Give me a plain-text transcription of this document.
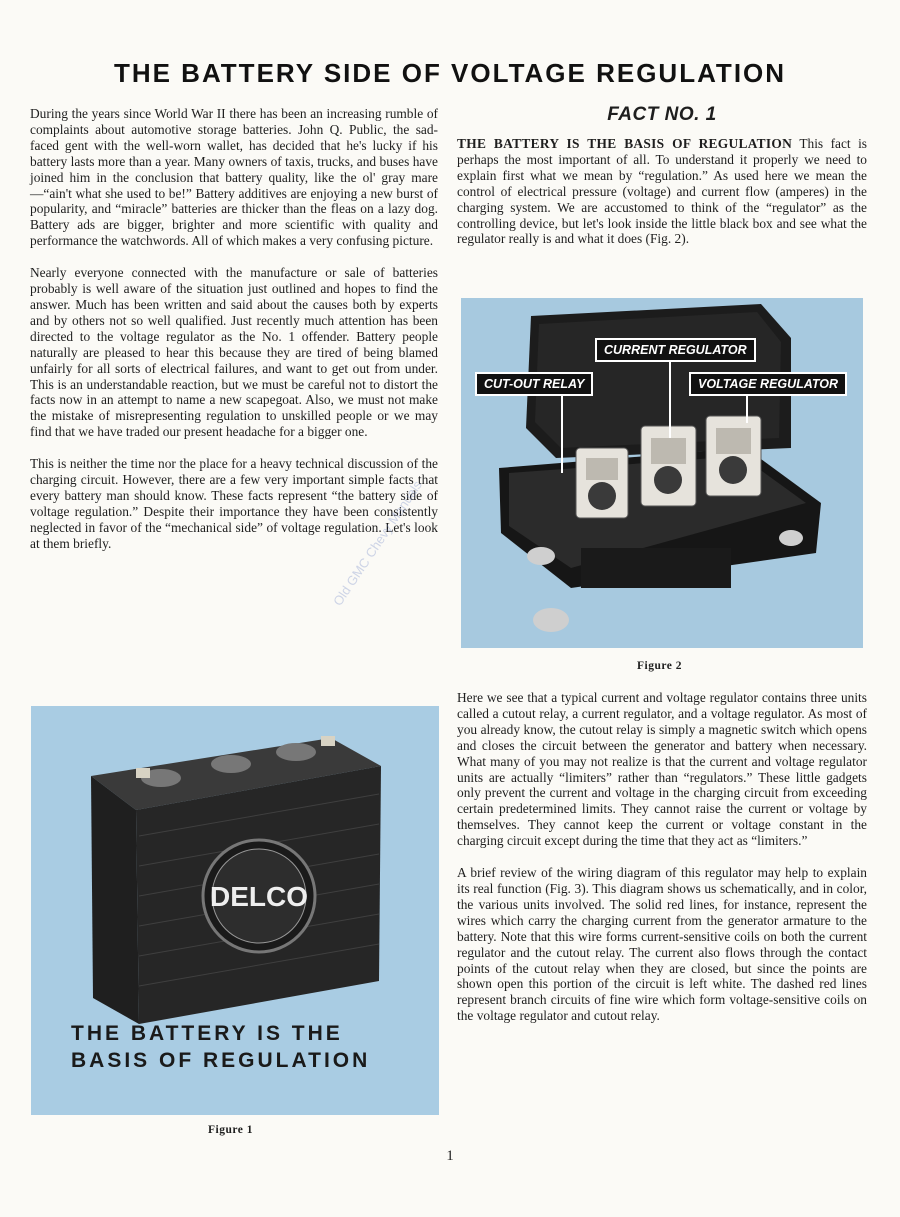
THE BATTERY SIDE OF VOLTAGE REGULATION

During the years since World War II there has been an increasing rumble of complaints about automotive storage batteries. John Q. Public, the sad-faced gent with the well-worn wallet, has decided that he's lucky if his battery lasts more than a year. Many owners of taxis, trucks, and buses have joined him in the conclusion that battery quality, like the ol' gray mare—“ain't what she used to be!” Battery additives are enjoying a new burst of popularity, and “miracle” batteries are thicker than the fleas on a lazy dog. Battery ads are bigger, brighter and more scientific with quality and performance the watchwords. All of which makes a very confusing picture.

Nearly everyone connected with the manufacture or sale of batteries probably is well aware of the situation just outlined and hopes to find the answer. Much has been written and said about the causes both by experts and by others not so well qualified. Just recently much attention has been directed to the voltage regulator as the No. 1 offender. Battery people naturally are pleased to hear this because they are tired of being blamed unfairly for all sorts of electrical failures, and want to get out from under. This is an understandable reaction, but we must be careful not to distort the facts now in an attempt to name a new scapegoat. Also, we must not make the mistake of misrepresenting regulation to unskilled people or we may find that we have traded our present headache for a bigger one.

This is neither the time nor the place for a heavy technical discussion of the charging circuit. However, there are a few very important simple facts that every battery man should know. These facts represent “the battery side of voltage regulation.” Despite their importance they have been consistently neglected in favor of the “mechanical side” of voltage regulation. Let's look at them briefly.

FACT NO. 1

THE BATTERY IS THE BASIS OF REGULATION This fact is perhaps the most important of all. To understand it properly we need to explain first what we mean by “regulation.” As used here we mean the control of electrical pressure (voltage) and current flow (amperes) in the charging system. We are accustomed to think of the “regulator” as the controlling device, but let's look inside the little black box and see what the regulator really is and what it does (Fig. 2).

CURRENT REGULATOR
CUT-OUT RELAY	VOLTAGE REGULATOR
Figure 2

Here we see that a typical current and voltage regulator contains three units called a cutout relay, a current regulator, and a voltage regulator. As most of you already know, the cutout relay is simply a magnetic switch which opens and closes the circuit between the generator and battery when necessary. What many of you may not realize is that the current and voltage regulator units are actually “limiters” rather than “regulators.” These little gadgets only prevent the current and voltage in the charging circuit from exceeding certain predetermined limits. They cannot raise the current or voltage by themselves. They cannot keep the current or voltage constant in the charging circuit except during the time that they act as “limiters.”

A brief review of the wiring diagram of this regulator may help to explain its real function (Fig. 3). This diagram shows us schematically, and in color, the various units involved. The solid red lines, for instance, represent the wires which carry the charging current from the generator armature to the battery. Note that this wire forms current-sensitive coils on both the current regulator and the cutout relay. The current also flows through the contact points of the cutout relay when they are closed, but since the points are shown open this portion of the circuit is left white. The dashed red lines represent branch circuits of fine wire which form voltage-sensitive coils on the voltage regulator and cutout relay.

DELCO
THE BATTERY IS THE
BASIS OF REGULATION
Figure 1
Old GMC Chevy Manuals
1
